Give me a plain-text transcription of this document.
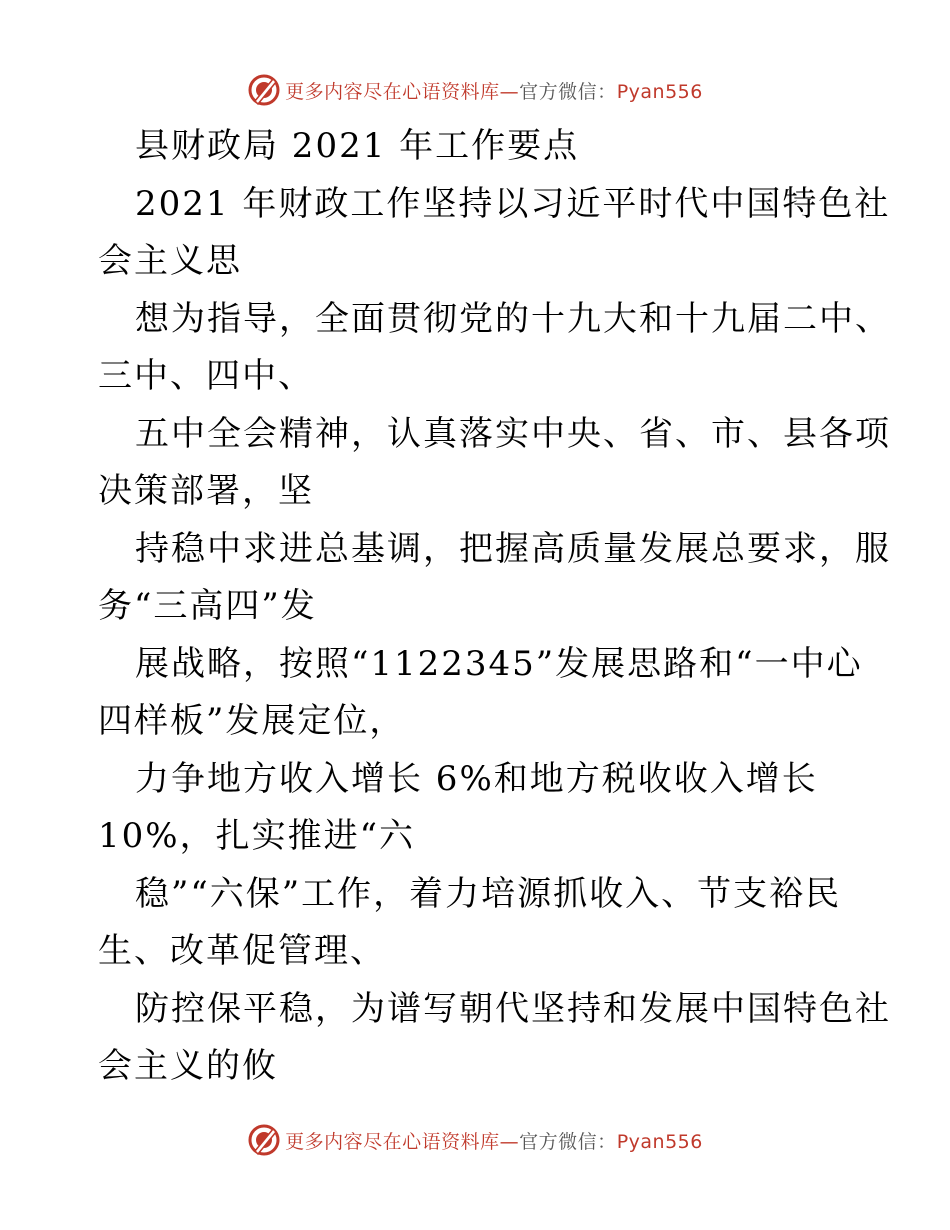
更多内容尽在心语资料库—官方微信：Pyan556
县财政局 2021 年工作要点
2021 年财政工作坚持以习近平时代中国特色社
会主义思
想为指导，全面贯彻党的十九大和十九届二中、
三中、四中、
五中全会精神，认真落实中央、省、市、县各项
决策部署，坚
持稳中求进总基调，把握高质量发展总要求，服
务“三高四”发
展战略，按照“1122345”发展思路和“一中心
四样板”发展定位，
力争地方收入增长 6%和地方税收收入增长
10%，扎实推进“六
稳”“六保”工作，着力培源抓收入、节支裕民
生、改革促管理、
防控保平稳，为谱写朝代坚持和发展中国特色社
会主义的攸
更多内容尽在心语资料库—官方微信：Pyan556
